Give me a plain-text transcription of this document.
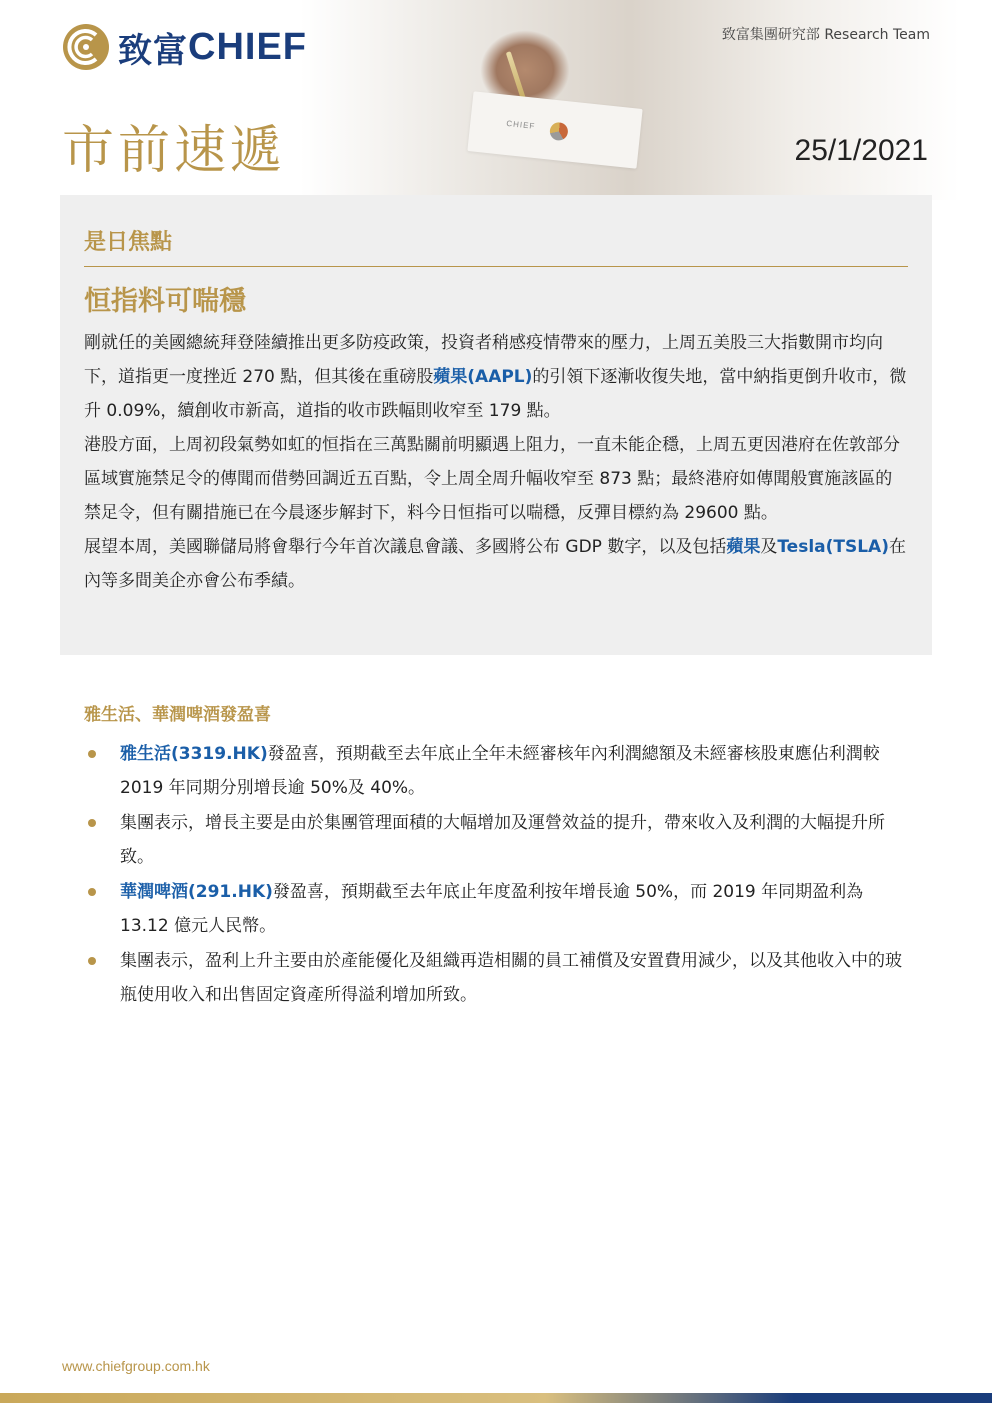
CHIEF
致富 CHIEF	致富集團研究部 Research Team
市前速遞	25/1/2021
是日焦點
恒指料可喘穩

剛就任的美國總統拜登陸續推出更多防疫政策，投資者稍感疫情帶來的壓力，上周五美股三大指數開市均向下，道指更一度挫近 270 點，但其後在重磅股蘋果(AAPL)的引領下逐漸收復失地，當中納指更倒升收市，微升 0.09%，續創收市新高，道指的收市跌幅則收窄至 179 點。

港股方面，上周初段氣勢如虹的恒指在三萬點關前明顯遇上阻力，一直未能企穩，上周五更因港府在佐敦部分區域實施禁足令的傳聞而借勢回調近五百點，令上周全周升幅收窄至 873 點；最終港府如傳聞般實施該區的禁足令，但有關措施已在今晨逐步解封下，料今日恒指可以喘穩，反彈目標約為 29600 點。

展望本周，美國聯儲局將會舉行今年首次議息會議、多國將公布 GDP 數字，以及包括蘋果及Tesla(TSLA)在內等多間美企亦會公布季績。

雅生活、華潤啤酒發盈喜
雅生活(3319.HK)發盈喜，預期截至去年底止全年未經審核年內利潤總額及未經審核股東應佔利潤較 2019 年同期分別增長逾 50%及 40%。
集團表示，增長主要是由於集團管理面積的大幅增加及運營效益的提升，帶來收入及利潤的大幅提升所致。
華潤啤酒(291.HK)發盈喜，預期截至去年底止年度盈利按年增長逾 50%，而 2019 年同期盈利為 13.12 億元人民幣。
集團表示，盈利上升主要由於產能優化及組織再造相關的員工補償及安置費用減少，以及其他收入中的玻瓶使用收入和出售固定資產所得溢利增加所致。
www.chiefgroup.com.hk
